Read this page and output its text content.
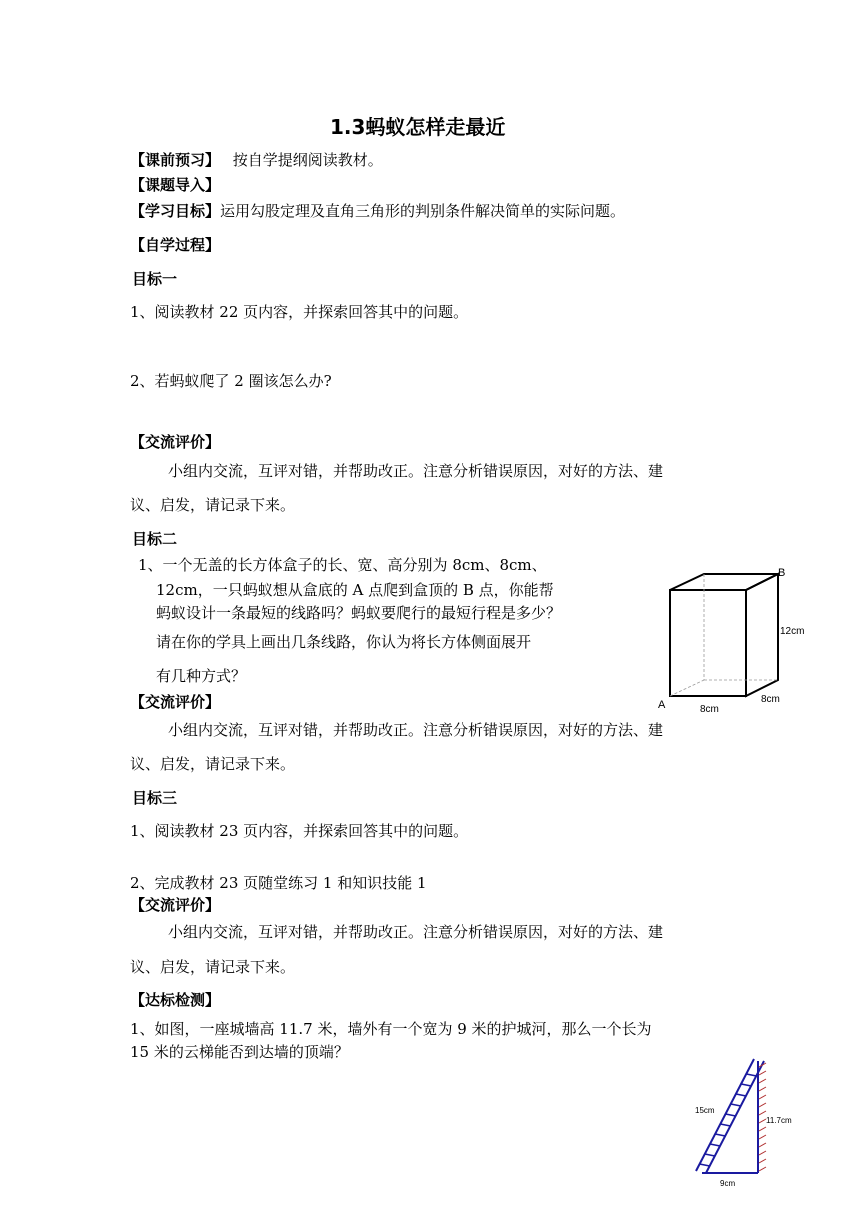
1.3蚂蚁怎样走最近
【课前预习】 按自学提纲阅读教材。
【课题导入】
【学习目标】运用勾股定理及直角三角形的判别条件解决简单的实际问题。
【自学过程】
目标一
1、阅读教材 22 页内容，并探索回答其中的问题。
2、若蚂蚁爬了 2 圈该怎么办?
【交流评价】
小组内交流，互评对错，并帮助改正。注意分析错误原因，对好的方法、建
议、启发，请记录下来。
目标二
1、一个无盖的长方体盒子的长、宽、高分别为 8cm、8cm、
12cm，一只蚂蚁想从盒底的 A 点爬到盒顶的 B 点，你能帮
蚂蚁设计一条最短的线路吗？蚂蚁要爬行的最短行程是多少？
请在你的学具上画出几条线路，你认为将长方体侧面展开
有几种方式？
B
A
12cm
8cm
8cm
【交流评价】
小组内交流，互评对错，并帮助改正。注意分析错误原因，对好的方法、建
议、启发，请记录下来。
目标三
1、阅读教材 23 页内容，并探索回答其中的问题。
2、完成教材 23 页随堂练习 1 和知识技能 1
【交流评价】
小组内交流，互评对错，并帮助改正。注意分析错误原因，对好的方法、建
议、启发，请记录下来。
【达标检测】
1、如图，一座城墙高 11.7 米，墙外有一个宽为 9 米的护城河，那么一个长为
15 米的云梯能否到达墙的顶端？
15cm
11.7cm
9cm
